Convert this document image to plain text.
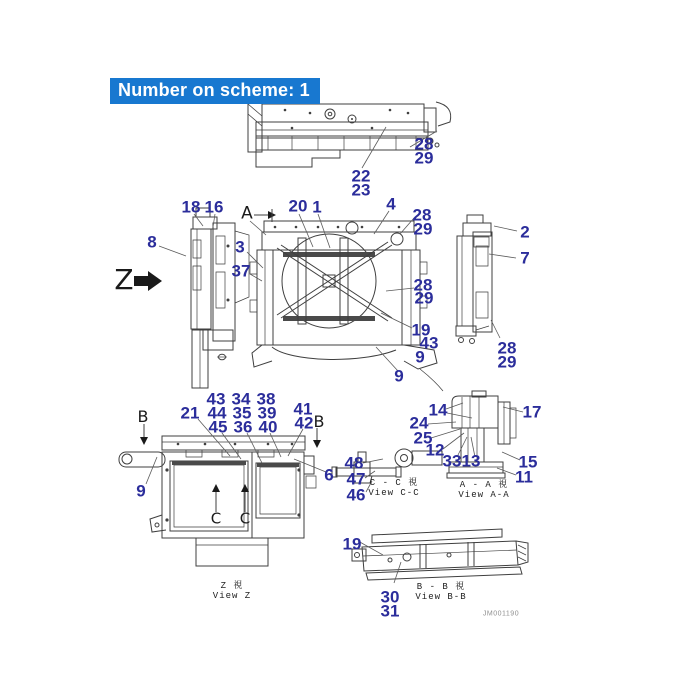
28
29
22
23
20 1	4
28
29
28
29
19
43
9
9
18 16
8	3
37
2
7
28
29
14	17
24
25
12
33 13 15
11
48
47
46
6
43 34 38
21 44 35 39
45 36 40
41
42
9
19
30
31
A
Z
B	B
C C
Z 視
View Z
C - C 視
View C-C
A - A 視
View A-A
B - B 視
View B-B
JM001190
Number on scheme: 1
